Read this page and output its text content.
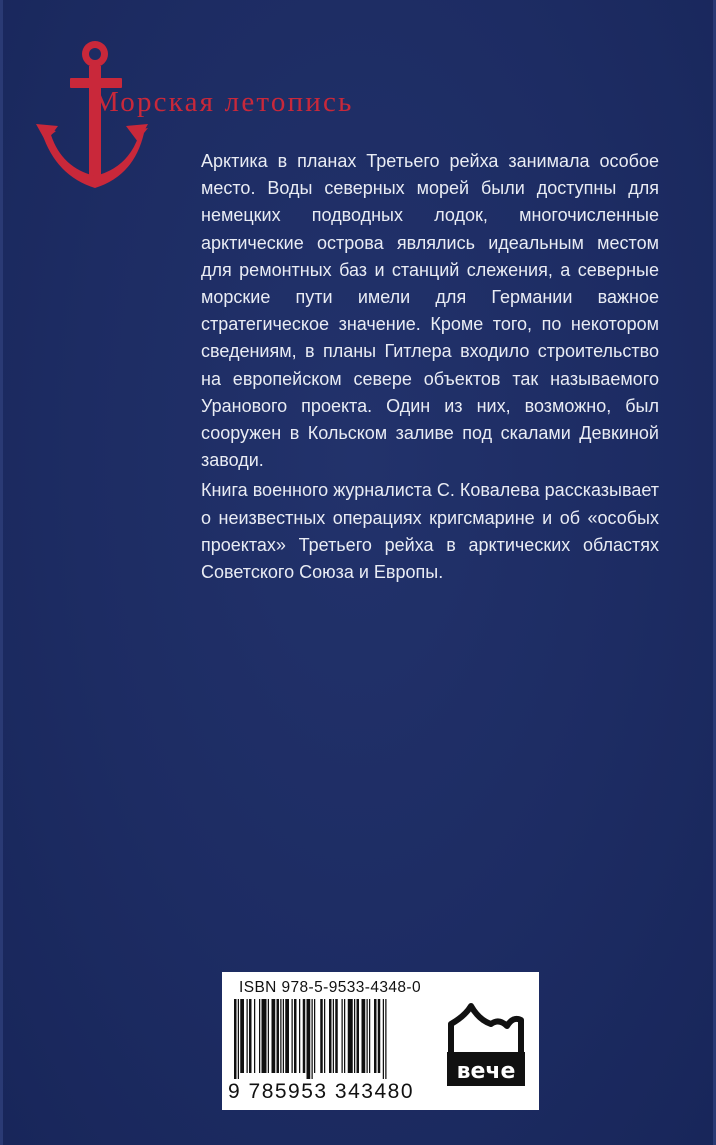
Морская летопись

Арктика в планах Третьего рейха занимала особое место. Воды северных морей были доступны для немецких подводных лодок, многочисленные арктические острова являлись идеальным местом для ремонтных баз и станций слежения, а северные морские пути имели для Германии важное стратегическое значение. Кроме того, по некотором сведениям, в планы Гитлера входило строительство на европейском севере объектов так называемого Уранового проекта. Один из них, возможно, был сооружен в Кольском заливе под скалами Девкиной заводи.

Книга военного журналиста С. Ковалева рассказывает о неизвестных операциях кригсмарине и об «особых проектах» Третьего рейха в арктических областях Советского Союза и Европы.

ISBN 978-5-9533-4348-0
9 785953 343480
вече
